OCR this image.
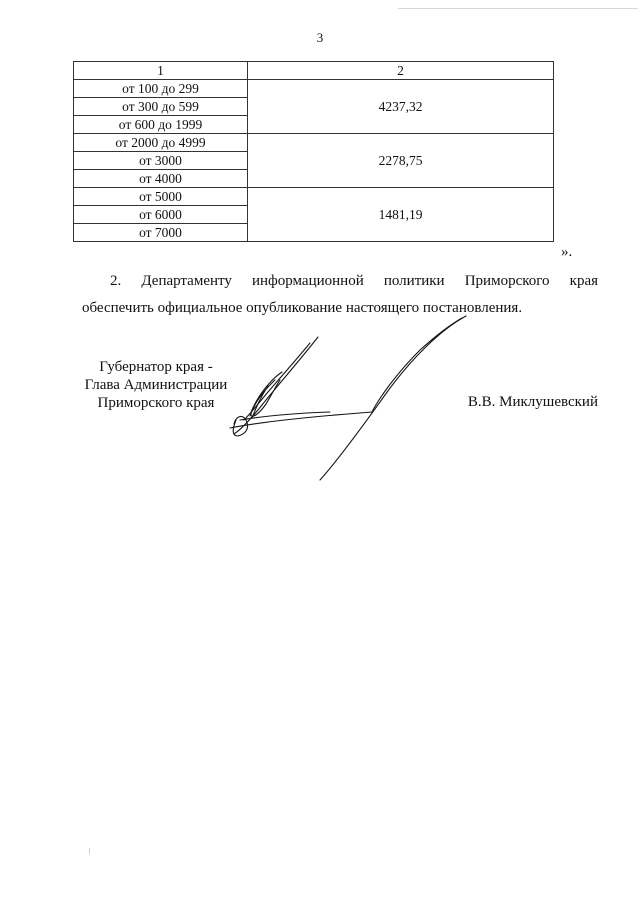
3
1	2
от 100 до 299	4237,32
от 300 до 599	
от 600 до 1999	
от 2000 до 4999	2278,75
от 3000	
от 4000	
от 5000	1481,19
от 6000	
от 7000	
».
2. Департаменту информационной политики Приморского края
обеспечить официальное опубликование настоящего постановления.
Губернатор края -
Глава Администрации
Приморского края	В.В. Миклушевский
